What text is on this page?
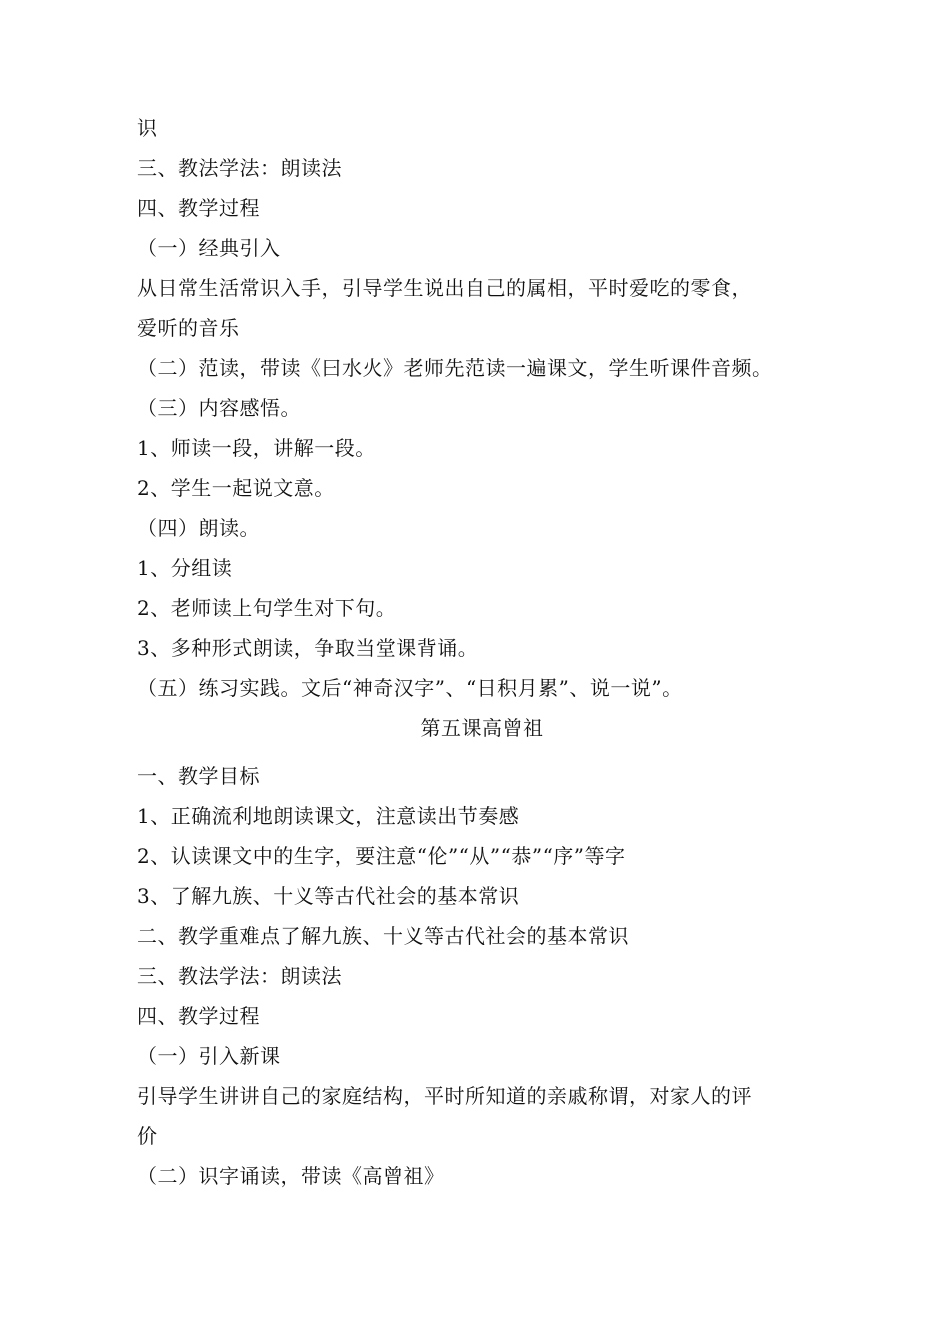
识
三、教法学法：朗读法
四、教学过程
（一）经典引入
从日常生活常识入手，引导学生说出自己的属相，平时爱吃的零食，
爱听的音乐
（二）范读，带读《曰水火》老师先范读一遍课文，学生听课件音频。
（三）内容感悟。
1、师读一段，讲解一段。
2、学生一起说文意。
（四）朗读。
1、分组读
2、老师读上句学生对下句。
3、多种形式朗读，争取当堂课背诵。
（五）练习实践。文后“神奇汉字”、“日积月累”、说一说”。
第五课高曾祖
一、教学目标
1、正确流利地朗读课文，注意读出节奏感
2、认读课文中的生字，要注意“伦”“从”“恭”“序”等字
3、了解九族、十义等古代社会的基本常识
二、教学重难点了解九族、十义等古代社会的基本常识
三、教法学法：朗读法
四、教学过程
（一）引入新课
引导学生讲讲自己的家庭结构，平时所知道的亲戚称谓，对家人的评
价
（二）识字诵读，带读《高曾祖》
